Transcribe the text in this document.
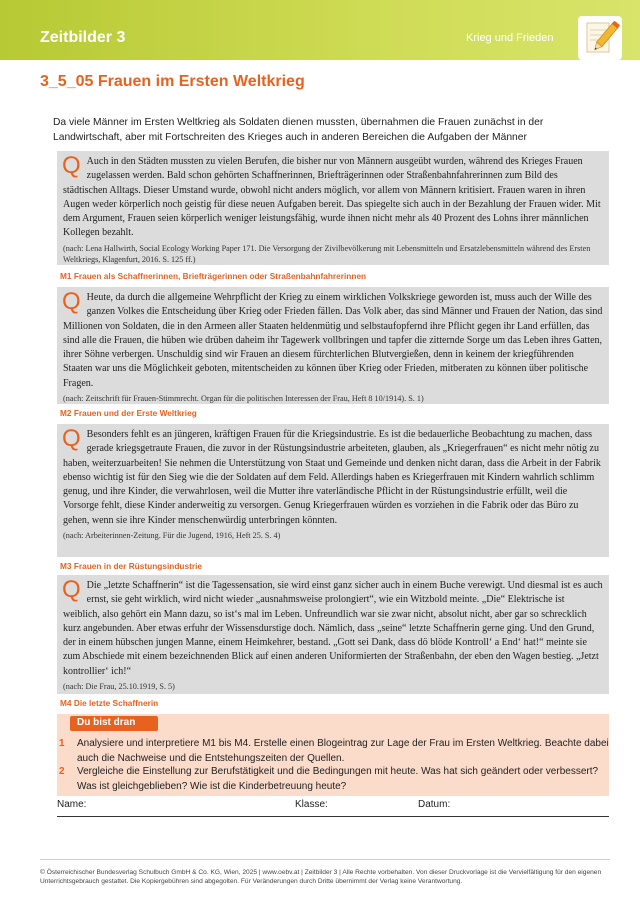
Zeitbilder 3	Krieg und Frieden
3_5_05 Frauen im Ersten Weltkrieg
Da viele Männer im Ersten Weltkrieg als Soldaten dienen mussten, übernahmen die Frauen zunächst in der Landwirtschaft, aber mit Fortschreiten des Krieges auch in anderen Bereichen die Aufgaben der Männer
Q Auch in den Städten mussten zu vielen Berufen, die bisher nur von Männern ausgeübt wurden, während des Krieges Frauen zugelassen werden. Bald schon gehörten Schaffnerinnen, Briefträgerinnen oder Straßenbahnfahrerinnen zum Bild des städtischen Alltags. Dieser Umstand wurde, obwohl nicht anders möglich, vor allem von Männern kritisiert. Frauen waren in ihren Augen weder körperlich noch geistig für diese neuen Aufgaben bereit. Das spiegelte sich auch in der Bezahlung der Frauen wider. Mit dem Argument, Frauen seien körperlich weniger leistungsfähig, wurde ihnen nicht mehr als 40 Prozent des Lohns ihrer männlichen Kollegen bezahlt.
(nach: Lena Hallwirth, Social Ecology Working Paper 171. Die Versorgung der Zivilbevölkerung mit Lebensmitteln und Ersatzlebensmitteln während des Ersten Weltkriegs, Klagenfurt, 2016. S. 125 ff.)
M1 Frauen als Schaffnerinnen, Briefträgerinnen oder Straßenbahnfahrerinnen
Q Heute, da durch die allgemeine Wehrpflicht der Krieg zu einem wirklichen Volkskriege geworden ist, muss auch der Wille des ganzen Volkes die Entscheidung über Krieg oder Frieden fällen. Das Volk aber, das sind Männer und Frauen der Nation, das sind Millionen von Soldaten, die in den Armeen aller Staaten heldenmütig und selbstaufopfernd ihre Pflicht gegen ihr Land erfüllen, das sind alle die Frauen, die hüben wie drüben daheim ihr Tagewerk vollbringen und tapfer die zitternde Sorge um das Leben ihres Gatten, ihrer Söhne verbergen. Unschuldig sind wir Frauen an diesem fürchterlichen Blutvergießen, denn in keinem der kriegführenden Staaten war uns die Möglichkeit geboten, mitentscheiden zu können über Krieg oder Frieden, mitberaten zu können über politische Fragen.
(nach: Zeitschrift für Frauen-Stimmrecht. Organ für die politischen Interessen der Frau, Heft 8 10/1914). S. 1)
M2 Frauen und der Erste Weltkrieg
Q Besonders fehlt es an jüngeren, kräftigen Frauen für die Kriegsindustrie. Es ist die bedauerliche Beobachtung zu machen, dass gerade kriegsgetraute Frauen, die zuvor in der Rüstungsindustrie arbeiteten, glauben, als „Kriegerfrauen“ es nicht mehr nötig zu haben, weiterzuarbeiten! Sie nehmen die Unterstützung von Staat und Gemeinde und denken nicht daran, dass die Arbeit in der Fabrik ebenso wichtig ist für den Sieg wie die der Soldaten auf dem Feld. Allerdings haben es Kriegerfrauen mit Kindern wahrlich schlimm genug, und ihre Kinder, die verwahrlosen, weil die Mutter ihre vaterländische Pflicht in der Rüstungsindustrie erfüllt, weil die Vorsorge fehlt, diese Kinder anderweitig zu versorgen. Genug Kriegerfrauen würden es vorziehen in die Fabrik oder das Büro zu gehen, wenn sie ihre Kinder menschenwürdig unterbringen könnten.
(nach: Arbeiterinnen-Zeitung. Für die Jugend, 1916, Heft 25. S. 4)
M3 Frauen in der Rüstungsindustrie
Q Die „letzte Schaffnerin“ ist die Tagessensation, sie wird einst ganz sicher auch in einem Buche verewigt. Und diesmal ist es auch ernst, sie geht wirklich, wird nicht wieder „ausnahmsweise prolongiert“, wie ein Witzbold meinte. „Die“ Elektrische ist weiblich, also gehört ein Mann dazu, so ist‘s mal im Leben. Unfreundlich war sie zwar nicht, absolut nicht, aber gar so schrecklich kurz angebunden. Aber etwas erfuhr der Wissensdurstige doch. Nämlich, dass „seine“ letzte Schaffnerin gerne ging. Und den Grund, der in einem hübschen jungen Manne, einem Heimkehrer, bestand. „Gott sei Dank, dass dö blöde Kontroll‘ a End‘ hat!“ meinte sie zum Abschiede mit einem bezeichnenden Blick auf einen anderen Uniformierten der Straßenbahn, der eben den Wagen bestieg. „Jetzt kontrollier‘ ich!“
(nach: Die Frau, 25.10.1919, S. 5)
M4 Die letzte Schaffnerin
Du bist dran
1 Analysiere und interpretiere M1 bis M4. Erstelle einen Blogeintrag zur Lage der Frau im Ersten Weltkrieg. Beachte dabei auch die Nachweise und die Entstehungszeiten der Quellen.
2 Vergleiche die Einstellung zur Berufstätigkeit und die Bedingungen mit heute. Was hat sich geändert oder verbessert? Was ist gleichgeblieben? Wie ist die Kinderbetreuung heute?
Name:	Klasse:	Datum:
© Österreichischer Bundesverlag Schulbuch GmbH & Co. KG, Wien, 2025 | www.oebv.at | Zeitbilder 3 | Alle Rechte vorbehalten. Von dieser Druckvorlage ist die Vervielfältigung für den eigenen Unterrichtsgebrauch gestattet. Die Kopiergebühren sind abgegolten. Für Veränderungen durch Dritte übernimmt der Verlag keine Verantwortung.
